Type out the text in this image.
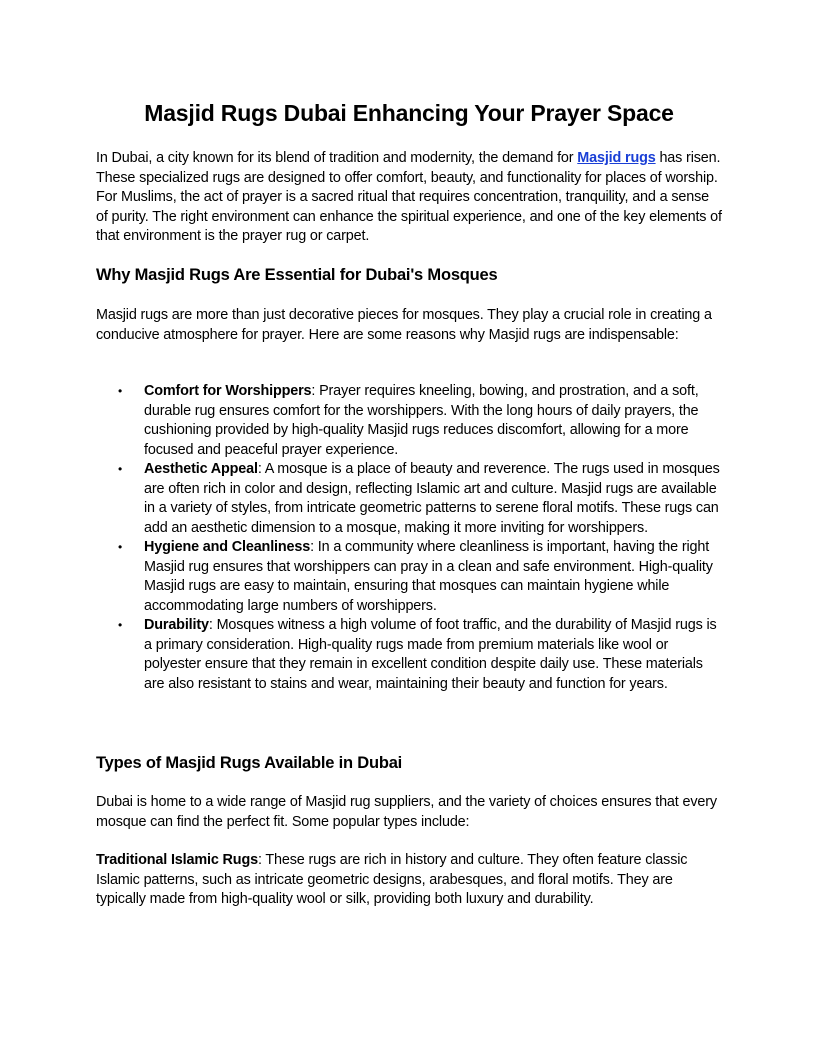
Masjid Rugs Dubai Enhancing Your Prayer Space

In Dubai, a city known for its blend of tradition and modernity, the demand for Masjid rugs has risen. These specialized rugs are designed to offer comfort, beauty, and functionality for places of worship. For Muslims, the act of prayer is a sacred ritual that requires concentration, tranquility, and a sense of purity. The right environment can enhance the spiritual experience, and one of the key elements of that environment is the prayer rug or carpet.

Why Masjid Rugs Are Essential for Dubai's Mosques

Masjid rugs are more than just decorative pieces for mosques. They play a crucial role in creating a conducive atmosphere for prayer. Here are some reasons why Masjid rugs are indispensable:

• Comfort for Worshippers: Prayer requires kneeling, bowing, and prostration, and a soft, durable rug ensures comfort for the worshippers. With the long hours of daily prayers, the cushioning provided by high-quality Masjid rugs reduces discomfort, allowing for a more focused and peaceful prayer experience.
• Aesthetic Appeal: A mosque is a place of beauty and reverence. The rugs used in mosques are often rich in color and design, reflecting Islamic art and culture. Masjid rugs are available in a variety of styles, from intricate geometric patterns to serene floral motifs. These rugs can add an aesthetic dimension to a mosque, making it more inviting for worshippers.
• Hygiene and Cleanliness: In a community where cleanliness is important, having the right Masjid rug ensures that worshippers can pray in a clean and safe environment. High-quality Masjid rugs are easy to maintain, ensuring that mosques can maintain hygiene while accommodating large numbers of worshippers.
• Durability: Mosques witness a high volume of foot traffic, and the durability of Masjid rugs is a primary consideration. High-quality rugs made from premium materials like wool or polyester ensure that they remain in excellent condition despite daily use. These materials are also resistant to stains and wear, maintaining their beauty and function for years.
Types of Masjid Rugs Available in Dubai

Dubai is home to a wide range of Masjid rug suppliers, and the variety of choices ensures that every mosque can find the perfect fit. Some popular types include:

Traditional Islamic Rugs: These rugs are rich in history and culture. They often feature classic Islamic patterns, such as intricate geometric designs, arabesques, and floral motifs. They are typically made from high-quality wool or silk, providing both luxury and durability.
